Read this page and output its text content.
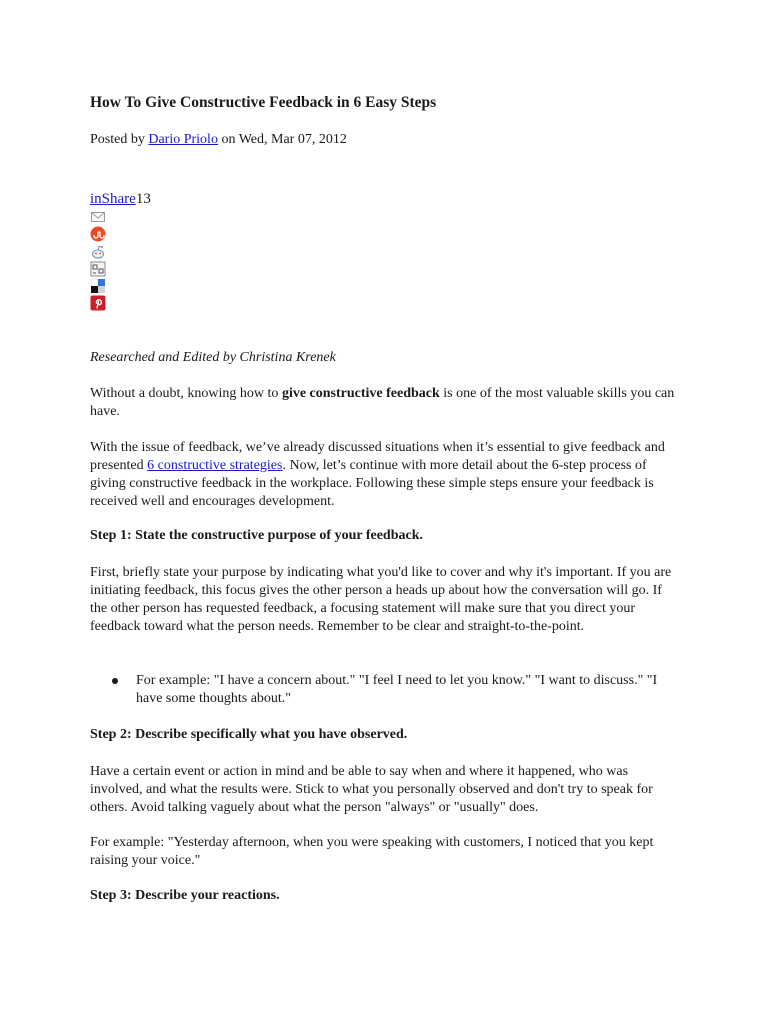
How To Give Constructive Feedback in 6 Easy Steps
Posted by Dario Priolo on Wed, Mar 07, 2012
inShare13
Researched and Edited by Christina Krenek
Without a doubt, knowing how to give constructive feedback is one of the most valuable skills you can have.
With the issue of feedback, we’ve already discussed situations when it’s essential to give feedback and presented 6 constructive strategies. Now, let’s continue with more detail about the 6-step process of giving constructive feedback in the workplace. Following these simple steps ensure your feedback is received well and encourages development.
Step 1: State the constructive purpose of your feedback.
First, briefly state your purpose by indicating what you'd like to cover and why it's important. If you are initiating feedback, this focus gives the other person a heads up about how the conversation will go. If the other person has requested feedback, a focusing statement will make sure that you direct your feedback toward what the person needs. Remember to be clear and straight-to-the-point.
For example: "I have a concern about." "I feel I need to let you know." "I want to discuss." "I have some thoughts about."
Step 2: Describe specifically what you have observed.
Have a certain event or action in mind and be able to say when and where it happened, who was involved, and what the results were. Stick to what you personally observed and don't try to speak for others. Avoid talking vaguely about what the person "always" or "usually" does.
For example: "Yesterday afternoon, when you were speaking with customers, I noticed that you kept raising your voice."
Step 3: Describe your reactions.
